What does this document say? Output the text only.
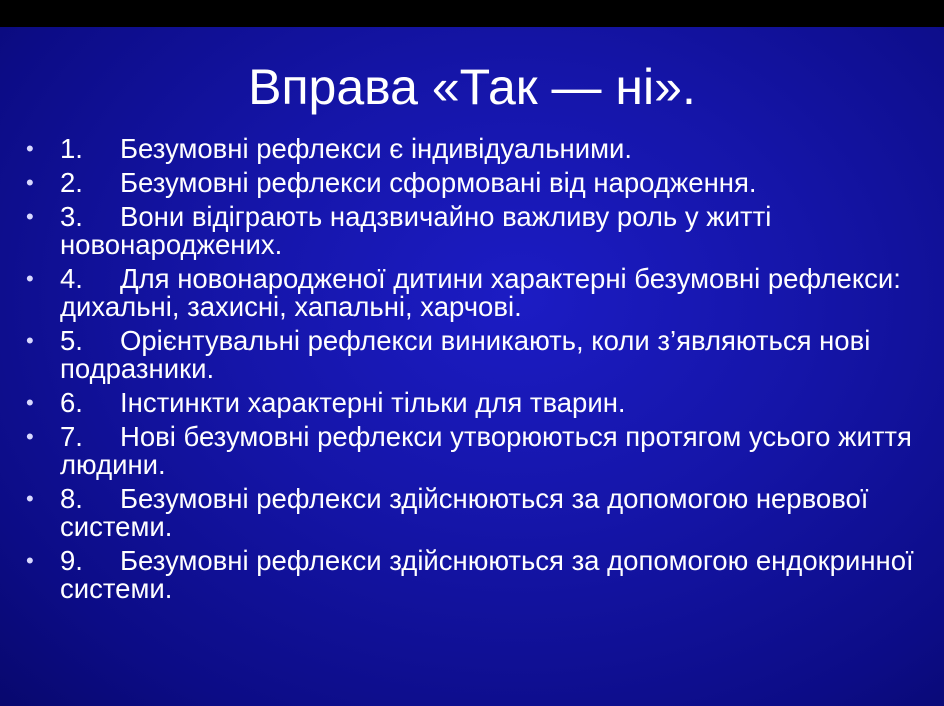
Вправа «Так — ні».
• 1. Безумовні рефлекси є індивідуальними.
• 2. Безумовні рефлекси сформовані від народження.
• 3. Вони відіграють надзвичайно важливу роль у житті новонароджених.
• 4. Для новонародженої дитини характерні безумовні рефлекси: дихальні, захисні, хапальні, харчові.
• 5. Орієнтувальні рефлекси виникають, коли з’являються нові подразники.
• 6. Інстинкти характерні тільки для тварин.
• 7. Нові безумовні рефлекси утворюються протягом усього життя людини.
• 8. Безумовні рефлекси здійснюються за допомогою нервової системи.
• 9. Безумовні рефлекси здійснюються за допомогою ендокринної системи.
